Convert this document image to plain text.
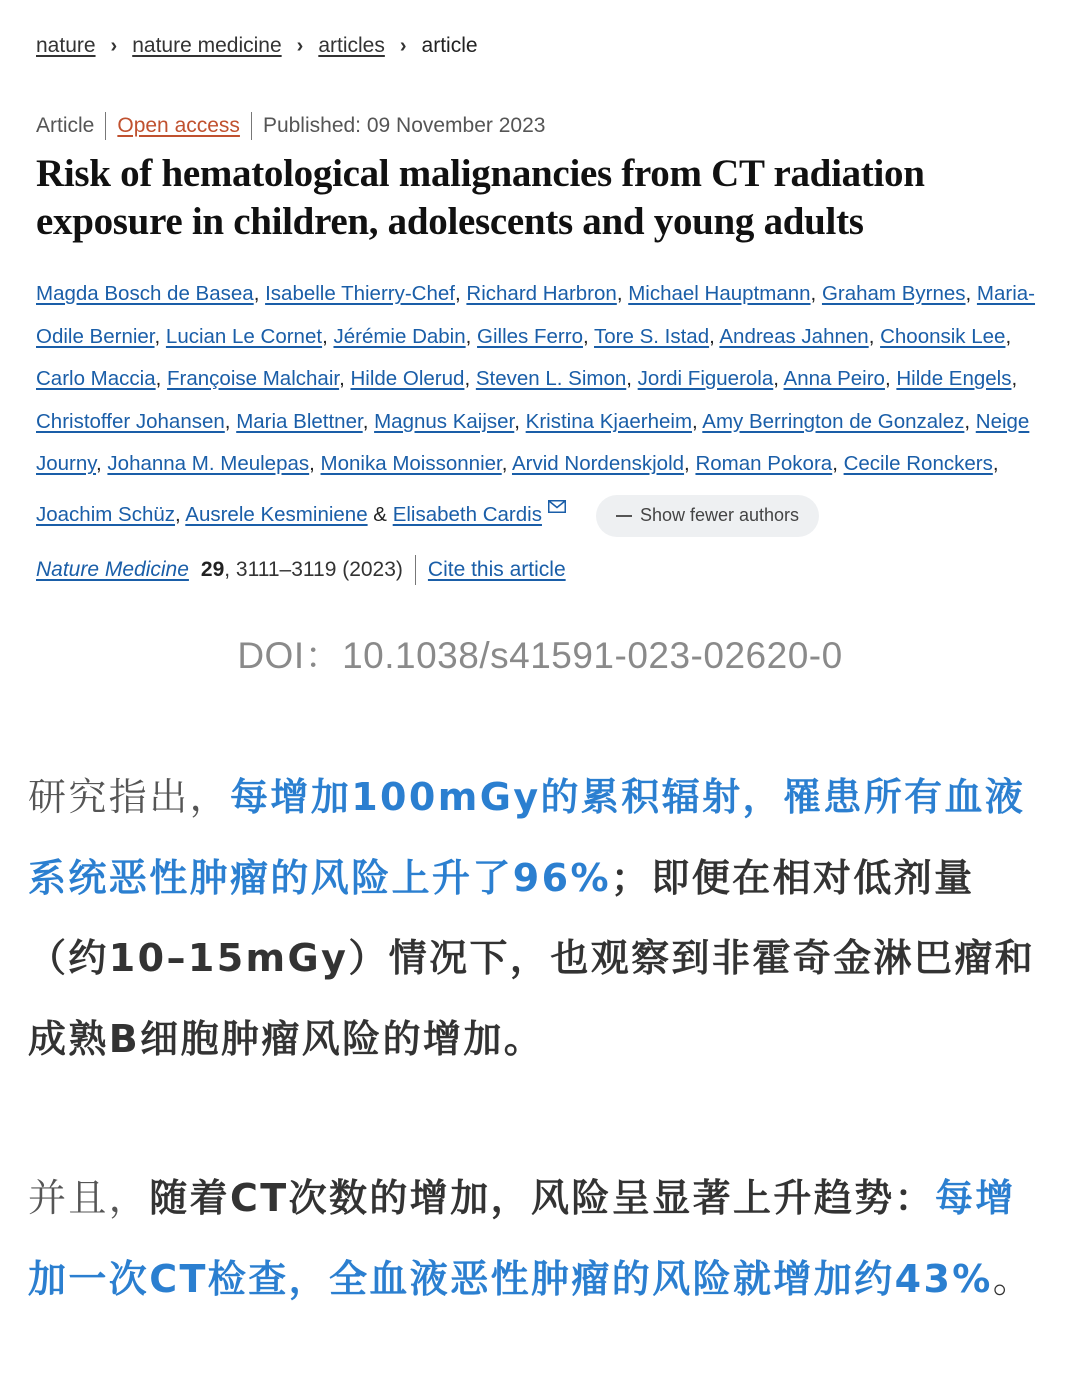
nature › nature medicine › articles › article
Article Open access Published: 09 November 2023
Risk of hematological malignancies from CT radiation exposure in children, adolescents and young adults
Magda Bosch de Basea, Isabelle Thierry-Chef, Richard Harbron, Michael Hauptmann, Graham Byrnes, Maria-Odile Bernier, Lucian Le Cornet, Jérémie Dabin, Gilles Ferro, Tore S. Istad, Andreas Jahnen, Choonsik Lee, Carlo Maccia, Françoise Malchair, Hilde Olerud, Steven L. Simon, Jordi Figuerola, Anna Peiro, Hilde Engels, Christoffer Johansen, Maria Blettner, Magnus Kaijser, Kristina Kjaerheim, Amy Berrington de Gonzalez, Neige Journy, Johanna M. Meulepas, Monika Moissonnier, Arvid Nordenskjold, Roman Pokora, Cecile Ronckers, Joachim Schüz, Ausrele Kesminiene & Elisabeth Cardis	Show fewer authors
Nature Medicine 29 , 3111–3119 (2023) Cite this article
DOI：10.1038/s41591-023-02620-0

研究指出，每增加100mGy的累积辐射，罹患所有血液系统恶性肿瘤的风险上升了96%；即便在相对低剂量（约10–15mGy）情况下，也观察到非霍奇金淋巴瘤和成熟B细胞肿瘤风险的增加。

并且，随着CT次数的增加，风险呈显著上升趋势：每增加一次CT检查，全血液恶性肿瘤的风险就增加约43%。
